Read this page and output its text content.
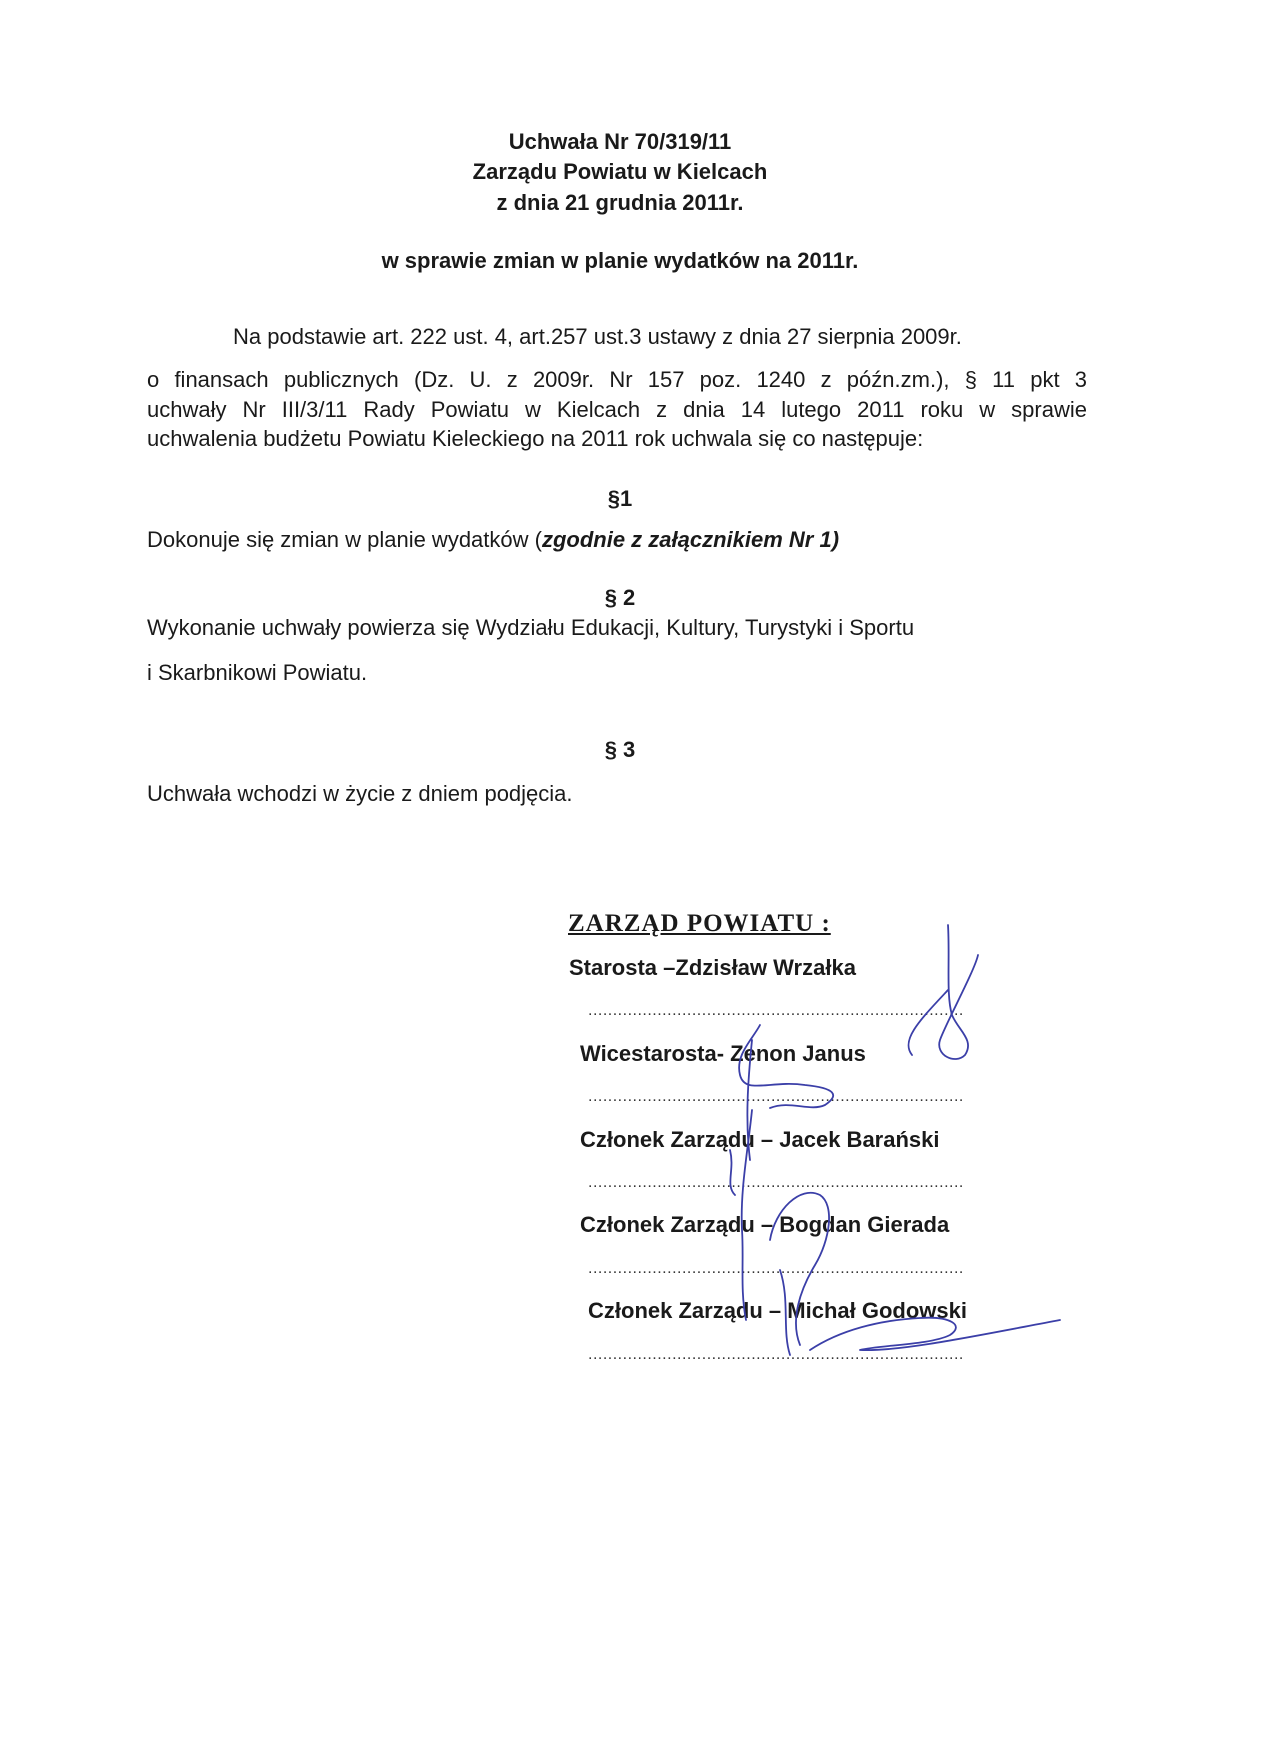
Uchwała Nr 70/319/11
Zarządu Powiatu w Kielcach
z dnia 21 grudnia 2011r.
w sprawie zmian w planie wydatków na 2011r.
Na podstawie art. 222 ust. 4, art.257 ust.3 ustawy z dnia 27 sierpnia 2009r.
o finansach publicznych (Dz. U. z 2009r. Nr 157 poz. 1240 z późn.zm.), § 11 pkt 3
uchwały Nr III/3/11 Rady Powiatu w Kielcach z dnia 14 lutego 2011 roku w sprawie
uchwalenia budżetu Powiatu Kieleckiego na 2011 rok uchwala się co następuje:
§1
Dokonuje się zmian w planie wydatków (zgodnie z załącznikiem Nr 1)
§ 2
Wykonanie uchwały powierza się Wydziału Edukacji, Kultury, Turystyki i Sportu
i Skarbnikowi Powiatu.
§ 3
Uchwała wchodzi w życie z dniem podjęcia.
ZARZĄD POWIATU :
Starosta –Zdzisław Wrzałka
............................................................................
Wicestarosta- Zenon Janus
............................................................................
Członek Zarządu – Jacek Barański
............................................................................
Członek Zarządu – Bogdan Gierada
............................................................................
Członek Zarządu – Michał Godowski
............................................................................
